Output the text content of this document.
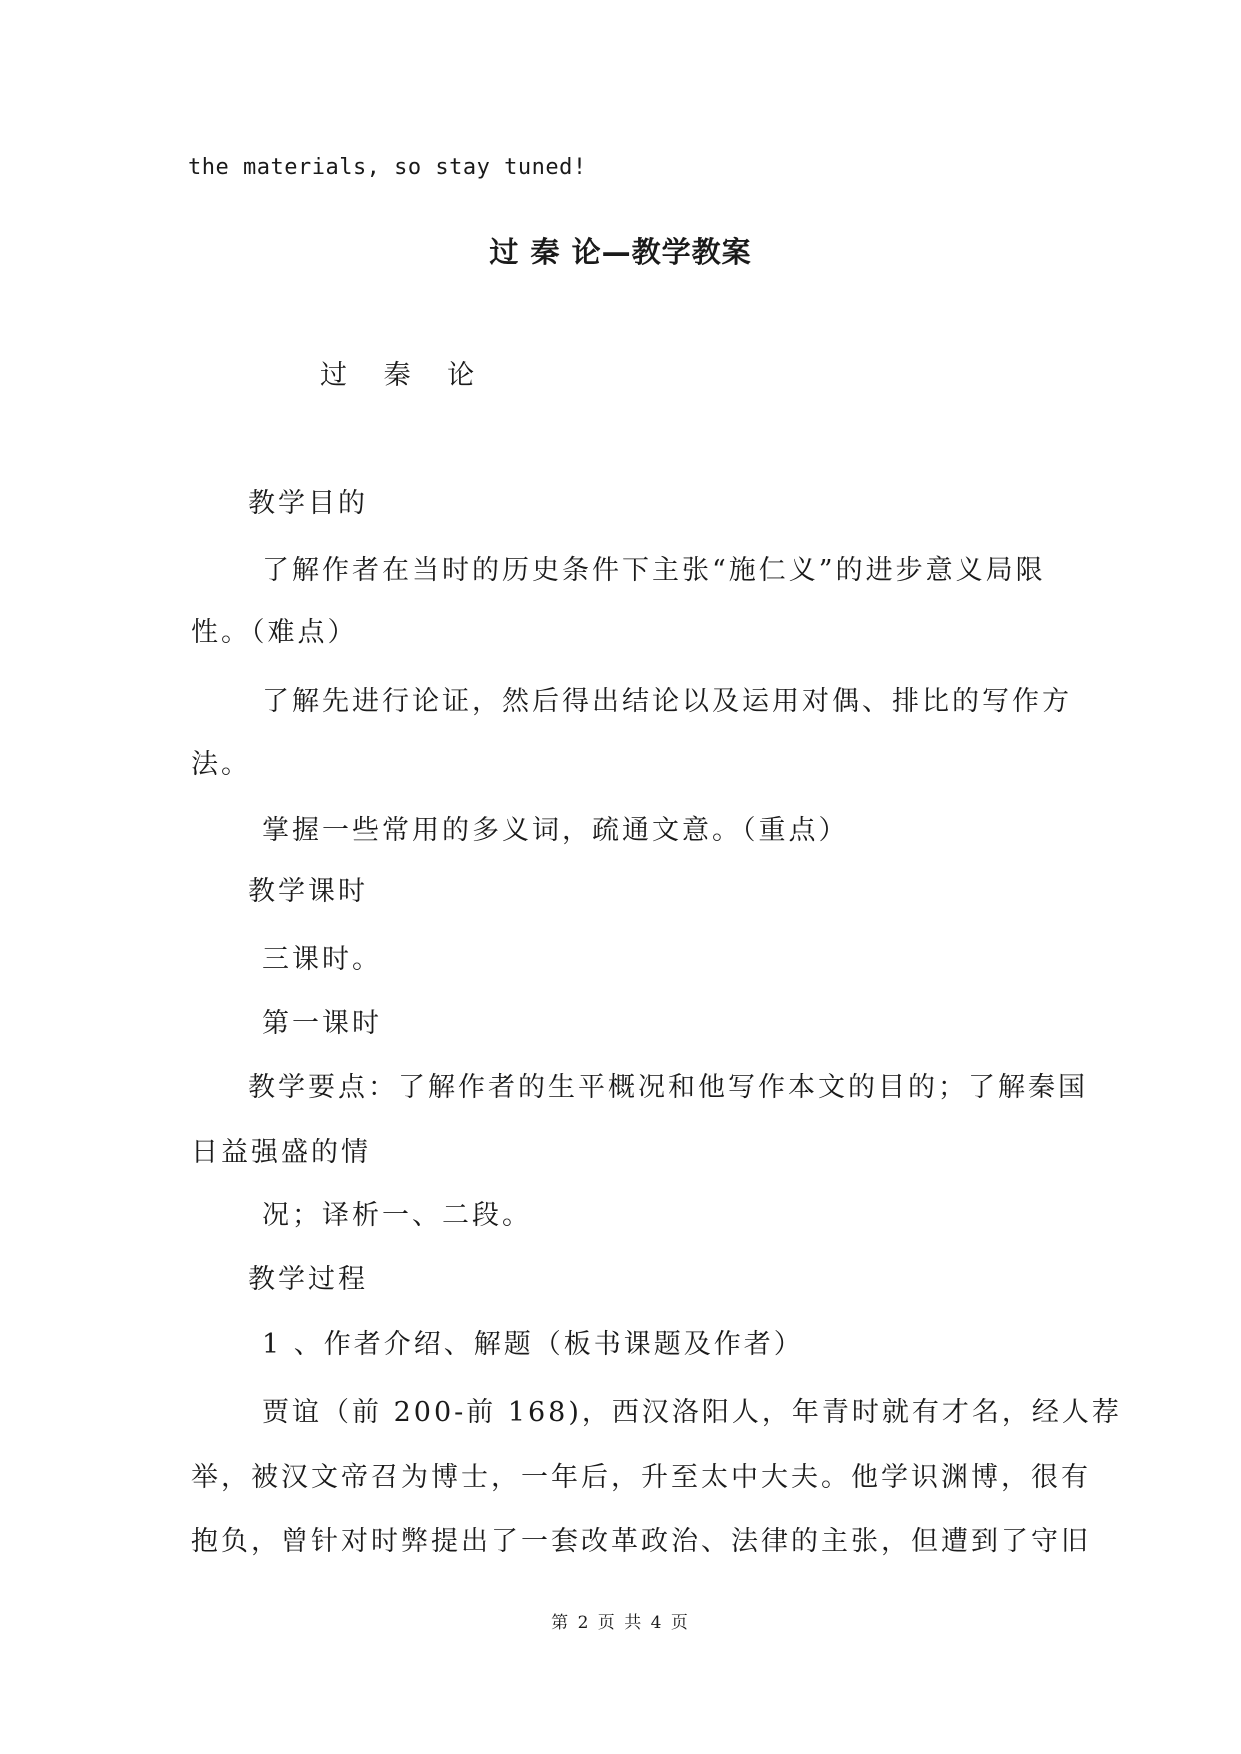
the materials, so stay tuned!
过 秦 论—教学教案
过 秦 论
教学目的
了解作者在当时的历史条件下主张“施仁义”的进步意义局限
性。（难点）
了解先进行论证，然后得出结论以及运用对偶、排比的写作方
法。
掌握一些常用的多义词，疏通文意。（重点）
教学课时
三课时。
第一课时
教学要点：了解作者的生平概况和他写作本文的目的；了解秦国
日益强盛的情
况；译析一、二段。
教学过程
1 、作者介绍、解题（板书课题及作者）
贾谊（前 200-前 168)，西汉洛阳人，年青时就有才名，经人荐
举，被汉文帝召为博士，一年后，升至太中大夫。他学识渊博，很有
抱负，曾针对时弊提出了一套改革政治、法律的主张，但遭到了守旧
第 2 页 共 4 页
